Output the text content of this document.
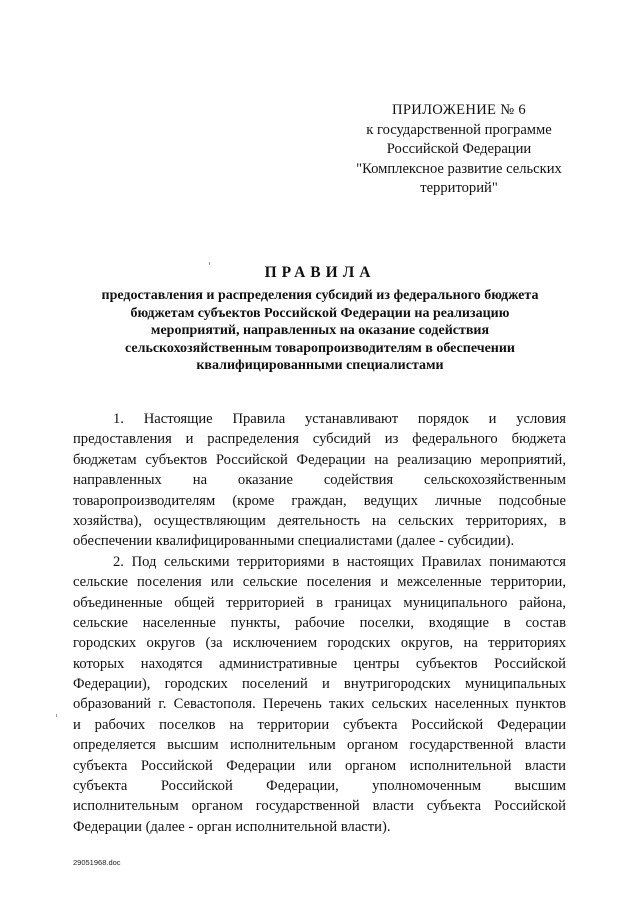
ПРИЛОЖЕНИЕ № 6
к государственной программе
Российской Федерации
"Комплексное развитие сельских
территорий"
ПРАВИЛА
предоставления и распределения субсидий из федерального бюджета
бюджетам субъектов Российской Федерации на реализацию
мероприятий, направленных на оказание содействия
сельскохозяйственным товаропроизводителям в обеспечении
квалифицированными специалистами
1. Настоящие Правила устанавливают порядок и условия
предоставления и распределения субсидий из федерального бюджета
бюджетам субъектов Российской Федерации на реализацию мероприятий,
направленных на оказание содействия сельскохозяйственным
товаропроизводителям (кроме граждан, ведущих личные подсобные
хозяйства), осуществляющим деятельность на сельских территориях, в
обеспечении квалифицированными специалистами (далее - субсидии).
2. Под сельскими территориями в настоящих Правилах понимаются
сельские поселения или сельские поселения и межселенные территории,
объединенные общей территорией в границах муниципального района,
сельские населенные пункты, рабочие поселки, входящие в состав
городских округов (за исключением городских округов, на территориях
которых находятся административные центры субъектов Российской
Федерации), городских поселений и внутригородских муниципальных
образований г. Севастополя. Перечень таких сельских населенных пунктов
и рабочих поселков на территории субъекта Российской Федерации
определяется высшим исполнительным органом государственной власти
субъекта Российской Федерации или органом исполнительной власти
субъекта Российской Федерации, уполномоченным высшим
исполнительным органом государственной власти субъекта Российской
Федерации (далее - орган исполнительной власти).
29051968.doc
